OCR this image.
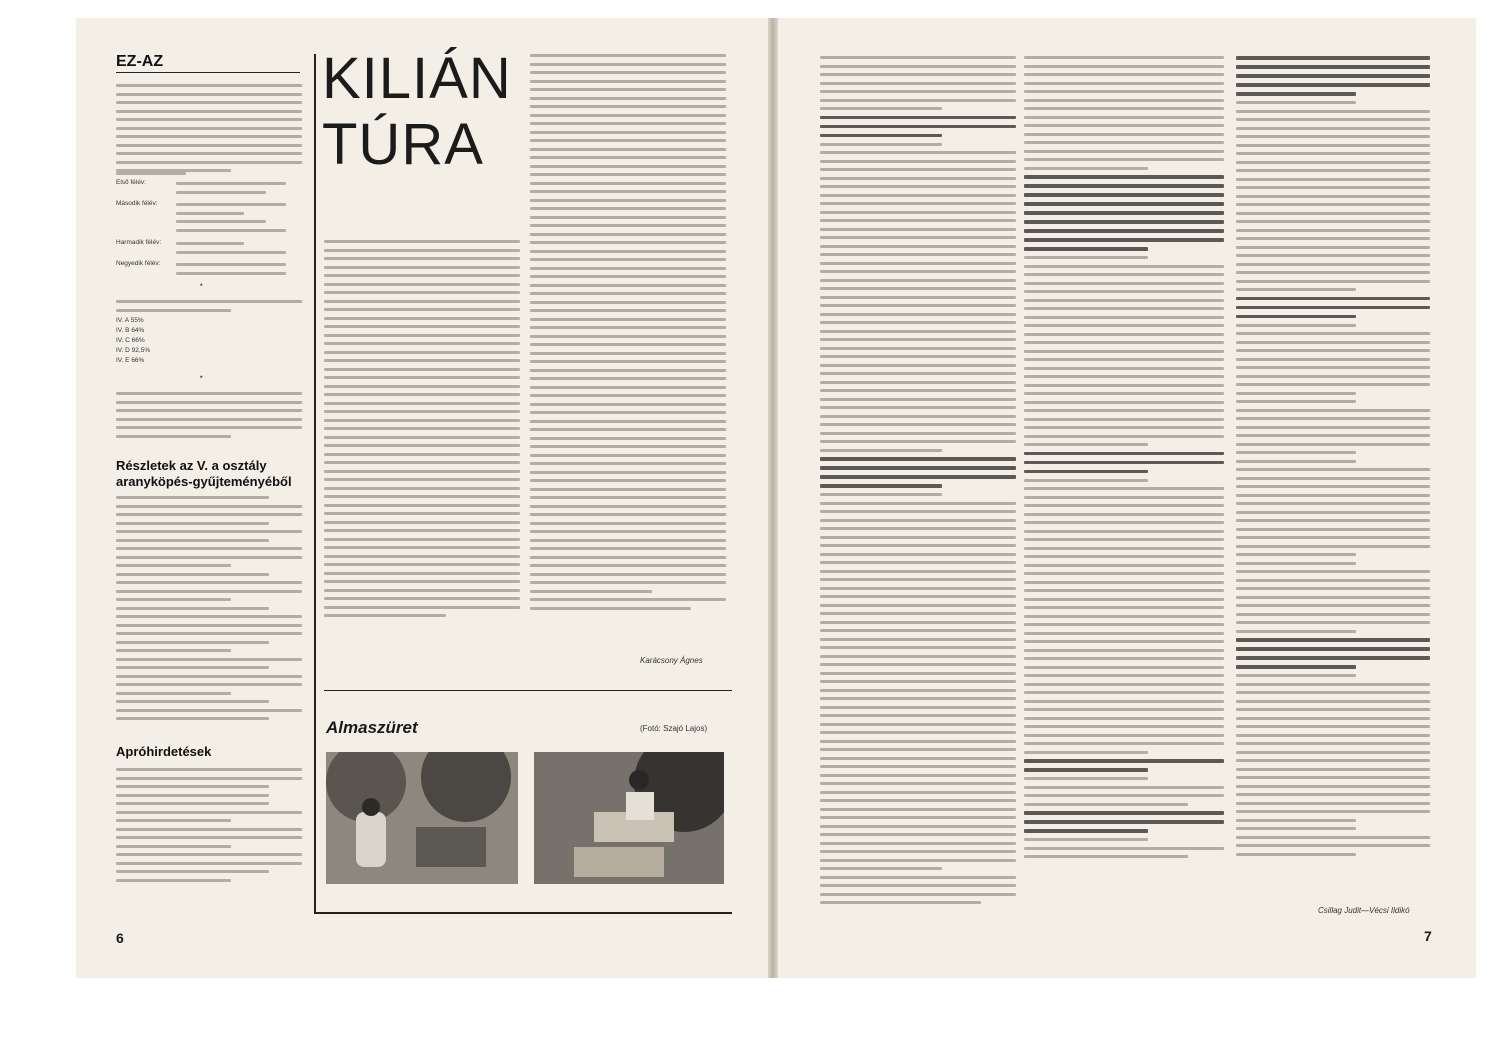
EZ-AZ
Első félév:
Második félév:
Harmadik félév:
Negyedik félév:
*
IV. A 55%
IV. B 64%
IV. C 66%
IV. D 92,5%
IV. E 66%
*
Részletek az V. a osztály
aranyköpés-gyűjteményéből
Apróhirdetések
6
KILIÁN
TÚRA
Karácsony Ágnes
Almaszüret	(Fotó: Szajó Lajos)
Csillag Judit—Vécsi Ildikó
7
